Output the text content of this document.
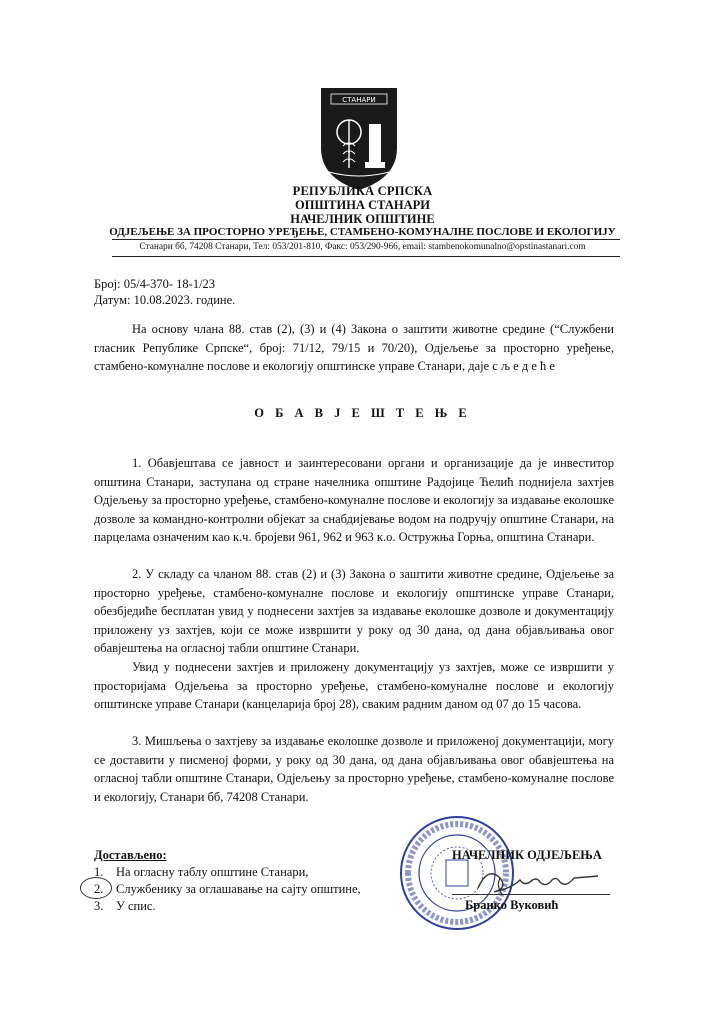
СТАНАРИ
РЕПУБЛИКА СРПСКА
ОПШТИНА СТАНАРИ
НАЧЕЛНИК ОПШТИНЕ
ОДЈЕЉЕЊЕ ЗА ПРОСТОРНО УРЕЂЕЊЕ, СТАМБЕНО-КОМУНАЛНЕ ПОСЛОВЕ И ЕКОЛОГИЈУ
Станари бб, 74208 Станари, Тел: 053/201-810, Факс: 053/290-966, email: stambenokomunalno@opstinastanari.com
Број: 05/4-370- 18-1/23
Датум: 10.08.2023. године.

На основу члана 88. став (2), (3) и (4) Закона о заштити животне средине (“Службени гласник Републике Српске“, број: 71/12, 79/15 и 70/20), Одјељење за просторно уређење, стамбено-комуналне послове и екологију општинске управе Станари, даје с љ е д е ћ е

О Б А В Ј Е Ш Т Е Њ Е

1. Обавјештава се јавност и заинтересовани органи и организације да је инвеститор општина Станари, заступана од стране начелника општине Радојице Ћелић поднијела захтјев Одјељењу за просторно уређење, стамбено-комуналне послове и екологију за издавање еколошке дозволе за командно-контролни објекат за снабдијевање водом на подручју општине Станари, на парцелама означеним као к.ч. бројеви 961, 962 и 963 к.о. Остружња Горња, општина Станари.

2. У складу са чланом 88. став (2) и (3) Закона о заштити животне средине, Одјељење за просторно уређење, стамбено-комуналне послове и екологију општинске управе Станари, обезбједиће бесплатан увид у поднесени захтјев за издавање еколошке дозволе и документацију приложену уз захтјев, који се може извршити у року од 30 дана, од дана објављивања овог обавјештења на огласној табли општине Станари.

Увид у поднесени захтјев и приложену документацију уз захтјев, може се извршити у просторијама Одјељења за просторно уређење, стамбено-комуналне послове и екологију општинске управе Станари (канцеларија број 28), сваким радним даном од 07 до 15 часова.

3. Мишљења о захтјеву за издавање еколошке дозволе и приложеној документацији, могу се доставити у писменој форми, у року од 30 дана, од дана објављивања овог обавјештења на огласној табли општине Станари, Одјељењу за просторно уређење, стамбено-комуналне послове и екологију, Станари бб, 74208 Станари.

Достављено:
1. На огласну таблу општине Станари,
2. Службенику за оглашавање на сајту општине,
3. У спис.
НАЧЕЛНИК ОДЈЕЉЕЊА
Бранко Вуковић
